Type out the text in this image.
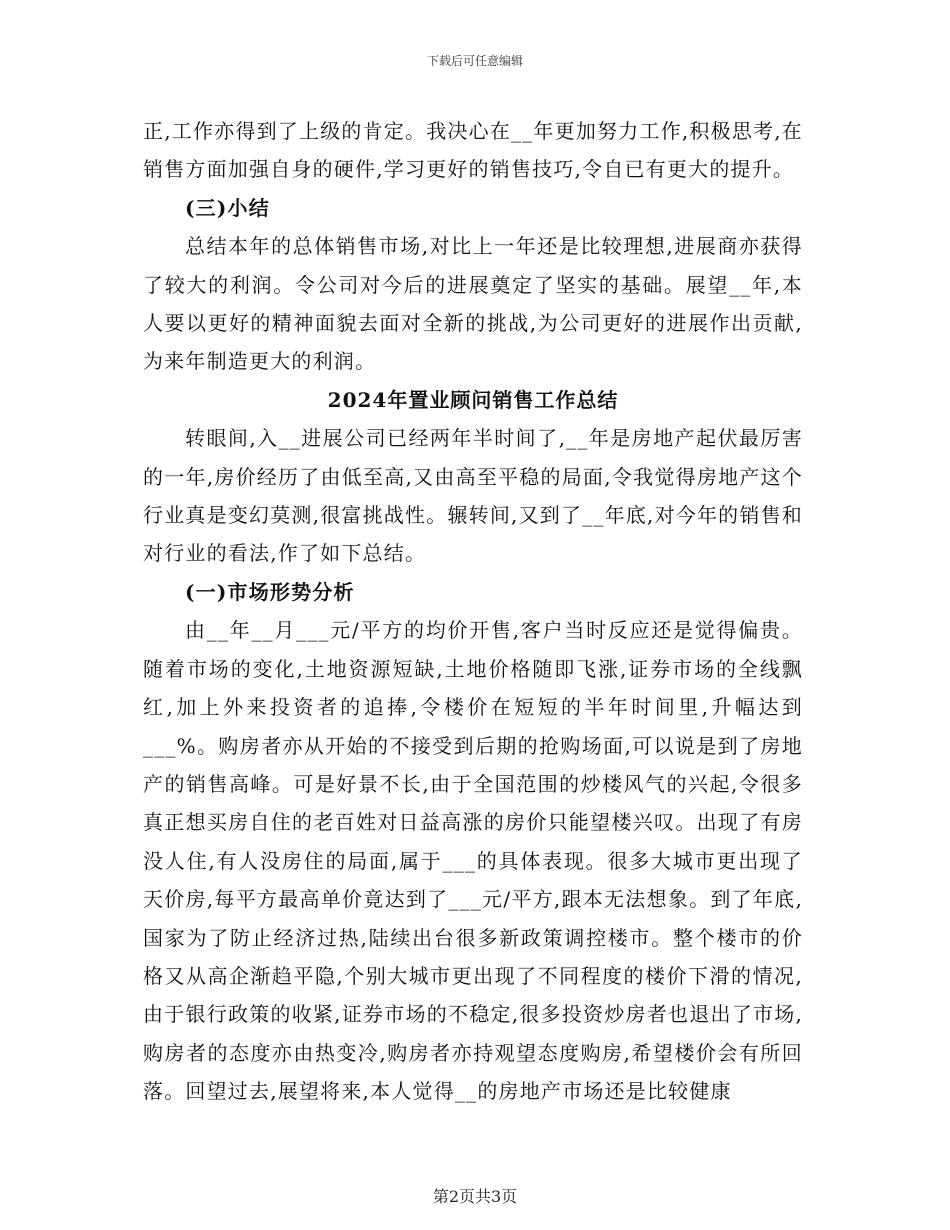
下载后可任意编辑

正,工作亦得到了上级的肯定。我决心在__年更加努力工作,积极思考,在销售方面加强自身的硬件,学习更好的销售技巧,令自已有更大的提升。

(三)小结

总结本年的总体销售市场,对比上一年还是比较理想,进展商亦获得了较大的利润。令公司对今后的进展奠定了坚实的基础。展望__年,本人要以更好的精神面貌去面对全新的挑战,为公司更好的进展作出贡献,为来年制造更大的利润。

2024年置业顾问销售工作总结

转眼间,入__进展公司已经两年半时间了,__年是房地产起伏最厉害的一年,房价经历了由低至高,又由高至平稳的局面,令我觉得房地产这个行业真是变幻莫测,很富挑战性。辗转间,又到了__年底,对今年的销售和对行业的看法,作了如下总结。

(一)市场形势分析

由__年__月___元/平方的均价开售,客户当时反应还是觉得偏贵。随着市场的变化,土地资源短缺,土地价格随即飞涨,证券市场的全线飘红,加上外来投资者的追捧,令楼价在短短的半年时间里,升幅达到___%。购房者亦从开始的不接受到后期的抢购场面,可以说是到了房地产的销售高峰。可是好景不长,由于全国范围的炒楼风气的兴起,令很多真正想买房自住的老百姓对日益高涨的房价只能望楼兴叹。出现了有房没人住,有人没房住的局面,属于___的具体表现。很多大城市更出现了天价房,每平方最高单价竟达到了___元/平方,跟本无法想象。到了年底,国家为了防止经济过热,陆续出台很多新政策调控楼市。整个楼市的价格又从高企渐趋平隐,个别大城市更出现了不同程度的楼价下滑的情况,由于银行政策的收紧,证券市场的不稳定,很多投资炒房者也退出了市场,购房者的态度亦由热变冷,购房者亦持观望态度购房,希望楼价会有所回落。回望过去,展望将来,本人觉得__的房地产市场还是比较健康

第2页共3页
